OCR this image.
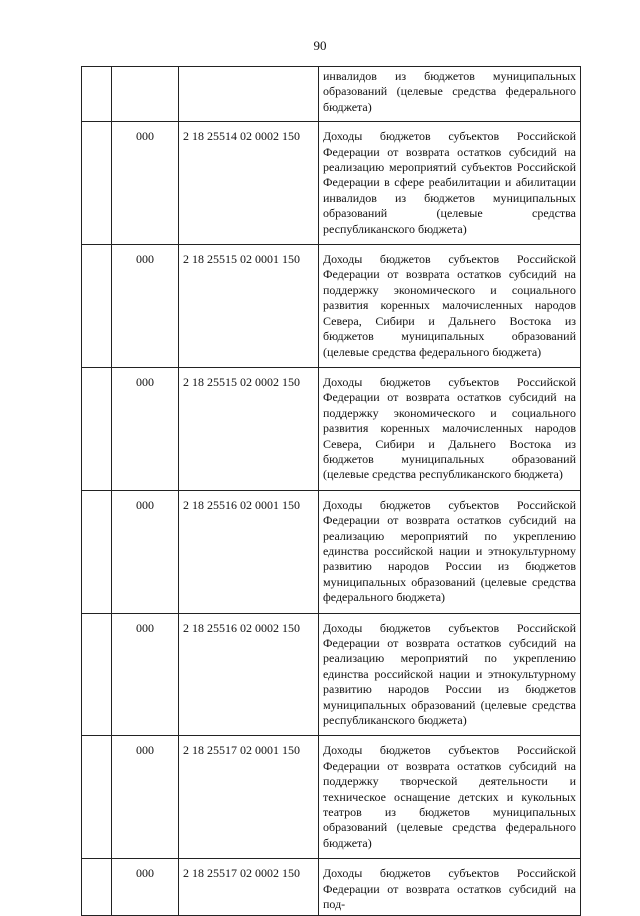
90
			инвалидов из бюджетов муниципальных образований (целевые средства федерального бюджета)
	000	2 18 25514 02 0002 150	Доходы бюджетов субъектов Российской Федерации от возврата остатков субсидий на реализацию мероприятий субъектов Российской Федерации в сфере реабилитации и абилитации инвалидов из бюджетов муниципальных образований (целевые средства республиканского бюджета)
	000	2 18 25515 02 0001 150	Доходы бюджетов субъектов Российской Федерации от возврата остатков субсидий на поддержку экономического и социального развития коренных малочисленных народов Севера, Сибири и Дальнего Востока из бюджетов муниципальных образований (целевые средства федерального бюджета)
	000	2 18 25515 02 0002 150	Доходы бюджетов субъектов Российской Федерации от возврата остатков субсидий на поддержку экономического и социального развития коренных малочисленных народов Севера, Сибири и Дальнего Востока из бюджетов муниципальных образований (целевые средства республиканского бюджета)
	000	2 18 25516 02 0001 150	Доходы бюджетов субъектов Российской Федерации от возврата остатков субсидий на реализацию мероприятий по укреплению единства российской нации и этнокультурному развитию народов России из бюджетов муниципальных образований (целевые средства федерального бюджета)
	000	2 18 25516 02 0002 150	Доходы бюджетов субъектов Российской Федерации от возврата остатков субсидий на реализацию мероприятий по укреплению единства российской нации и этнокультурному развитию народов России из бюджетов муниципальных образований (целевые средства республиканского бюджета)
	000	2 18 25517 02 0001 150	Доходы бюджетов субъектов Российской Федерации от возврата остатков субсидий на поддержку творческой деятельности и техническое оснащение детских и кукольных театров из бюджетов муниципальных образований (целевые средства федерального бюджета)
	000	2 18 25517 02 0002 150	Доходы бюджетов субъектов Российской Федерации от возврата остатков субсидий на под-
